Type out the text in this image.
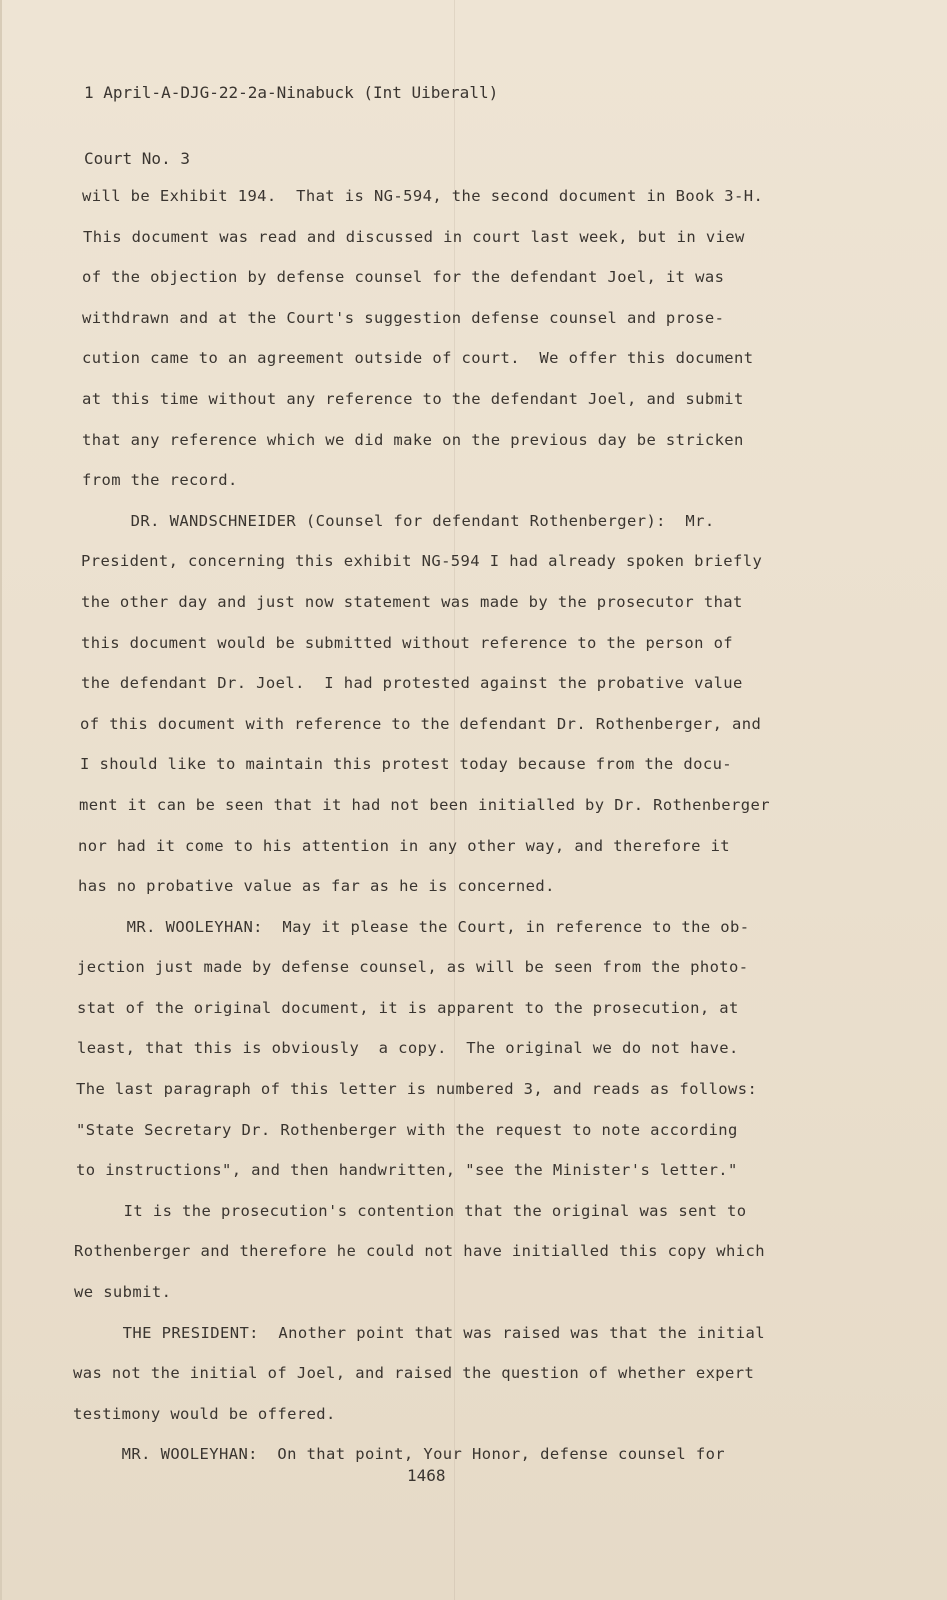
1 April-A-DJG-22-2a-Ninabuck (Int Uiberall)

Court No. 3

will be Exhibit 194.  That is NG-594, the second document in Book 3-H.
This document was read and discussed in court last week, but in view
of the objection by defense counsel for the defendant Joel, it was
withdrawn and at the Court's suggestion defense counsel and prose-
cution came to an agreement outside of court.  We offer this document
at this time without any reference to the defendant Joel, and submit
that any reference which we did make on the previous day be stricken
from the record.
DR. WANDSCHNEIDER (Counsel for defendant Rothenberger):  Mr.
President, concerning this exhibit NG-594 I had already spoken briefly
the other day and just now statement was made by the prosecutor that
this document would be submitted without reference to the person of
the defendant Dr. Joel.  I had protested against the probative value
of this document with reference to the defendant Dr. Rothenberger, and
I should like to maintain this protest today because from the docu-
ment it can be seen that it had not been initialled by Dr. Rothenberger
nor had it come to his attention in any other way, and therefore it
has no probative value as far as he is concerned.
MR. WOOLEYHAN:  May it please the Court, in reference to the ob-
jection just made by defense counsel, as will be seen from the photo-
stat of the original document, it is apparent to the prosecution, at
least, that this is obviously  a copy.  The original we do not have.
The last paragraph of this letter is numbered 3, and reads as follows:
"State Secretary Dr. Rothenberger with the request to note according
to instructions", and then handwritten, "see the Minister's letter."
It is the prosecution's contention that the original was sent to
Rothenberger and therefore he could not have initialled this copy which
we submit.
THE PRESIDENT:  Another point that was raised was that the initial
was not the initial of Joel, and raised the question of whether expert
testimony would be offered.
MR. WOOLEYHAN:  On that point, Your Honor, defense counsel for
1468
